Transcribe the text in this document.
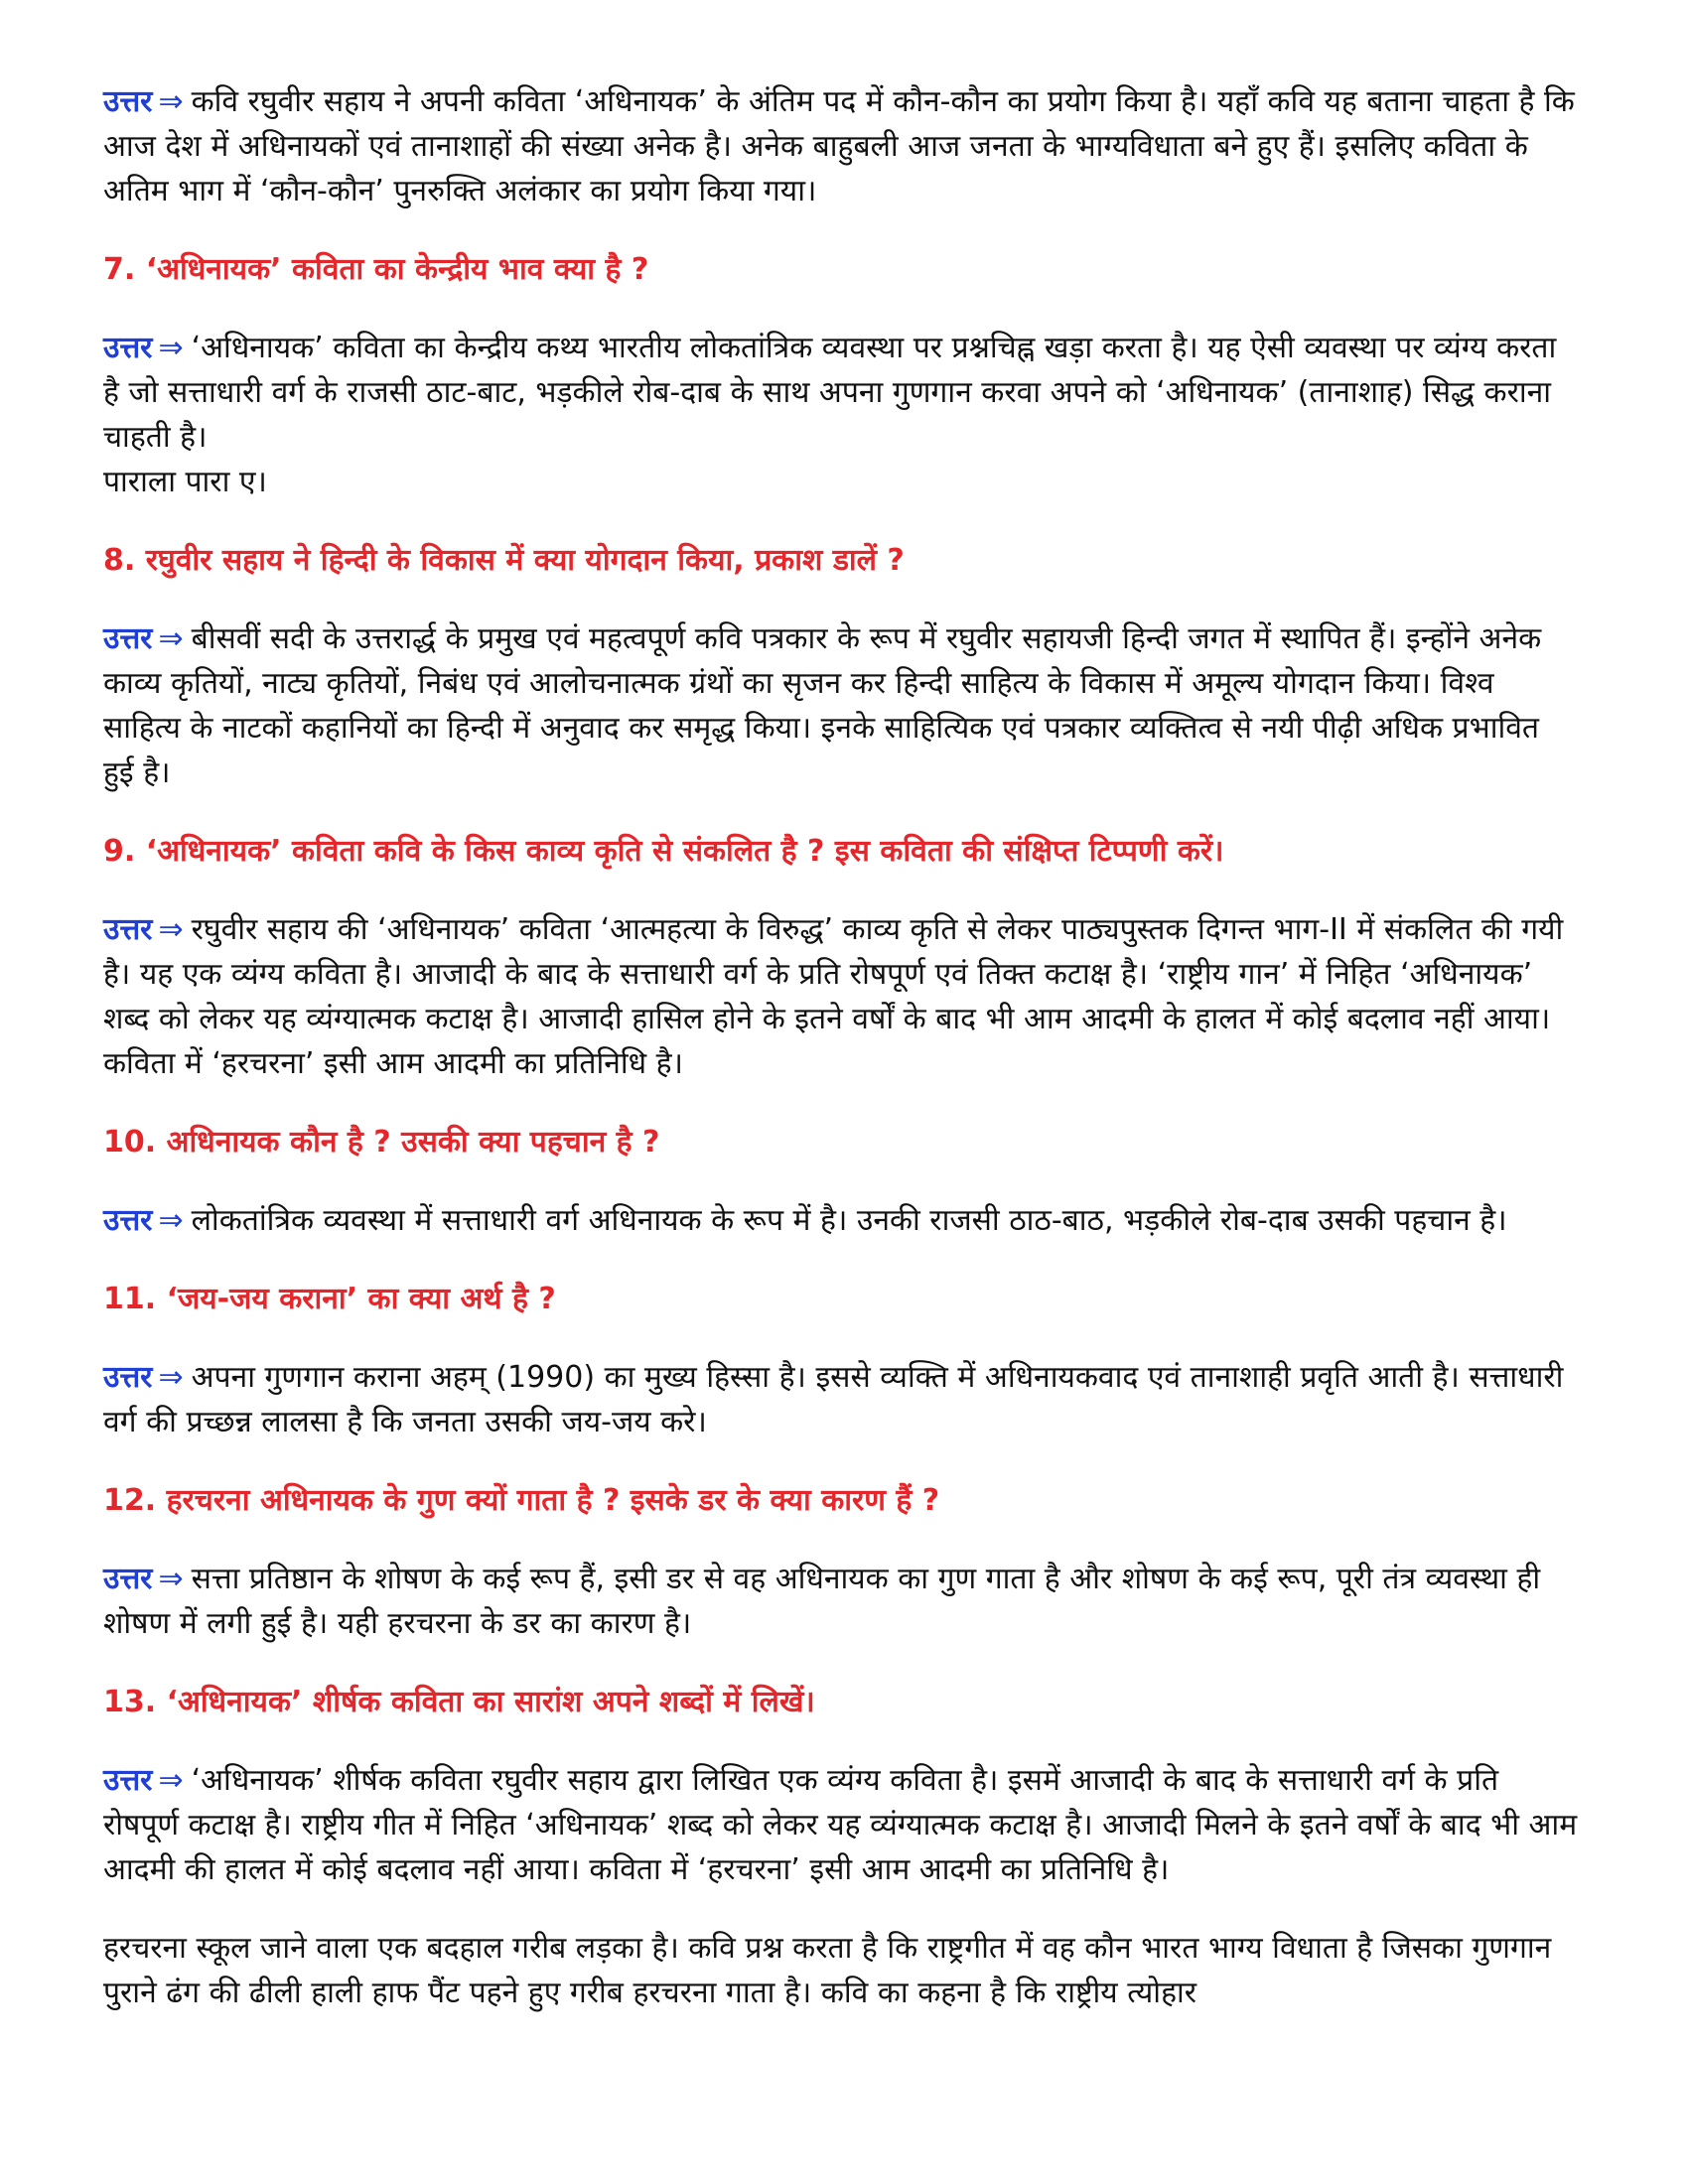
उत्तर ⇒ कवि रघुवीर सहाय ने अपनी कविता ‘अधिनायक’ के अंतिम पद में कौन-कौन का प्रयोग किया है। यहाँ कवि यह बताना चाहता है कि आज देश में अधिनायकों एवं तानाशाहों की संख्या अनेक है। अनेक बाहुबली आज जनता के भाग्यविधाता बने हुए हैं। इसलिए कविता के अतिम भाग में ‘कौन-कौन’ पुनरुक्ति अलंकार का प्रयोग किया गया।

7. ‘अधिनायक’ कविता का केन्द्रीय भाव क्या है ?

उत्तर ⇒ ‘अधिनायक’ कविता का केन्द्रीय कथ्य भारतीय लोकतांत्रिक व्यवस्था पर प्रश्नचिह्न खड़ा करता है। यह ऐसी व्यवस्था पर व्यंग्य करता है जो सत्ताधारी वर्ग के राजसी ठाट-बाट, भड़कीले रोब-दाब के साथ अपना गुणगान करवा अपने को ‘अधिनायक’ (तानाशाह) सिद्ध कराना चाहती है।
पाराला पारा ए।

8. रघुवीर सहाय ने हिन्दी के विकास में क्या योगदान किया, प्रकाश डालें ?

उत्तर ⇒ बीसवीं सदी के उत्तरार्द्ध के प्रमुख एवं महत्वपूर्ण कवि पत्रकार के रूप में रघुवीर सहायजी हिन्दी जगत में स्थापित हैं। इन्होंने अनेक काव्य कृतियों, नाट्य कृतियों, निबंध एवं आलोचनात्मक ग्रंथों का सृजन कर हिन्दी साहित्य के विकास में अमूल्य योगदान किया। विश्व साहित्य के नाटकों कहानियों का हिन्दी में अनुवाद कर समृद्ध किया। इनके साहित्यिक एवं पत्रकार व्यक्तित्व से नयी पीढ़ी अधिक प्रभावित हुई है।

9. ‘अधिनायक’ कविता कवि के किस काव्य कृति से संकलित है ? इस कविता की संक्षिप्त टिप्पणी करें।

उत्तर ⇒ रघुवीर सहाय की ‘अधिनायक’ कविता ‘आत्महत्या के विरुद्ध’ काव्य कृति से लेकर पाठ्यपुस्तक दिगन्त भाग-II में संकलित की गयी है। यह एक व्यंग्य कविता है। आजादी के बाद के सत्ताधारी वर्ग के प्रति रोषपूर्ण एवं तिक्त कटाक्ष है। ‘राष्ट्रीय गान’ में निहित ‘अधिनायक’ शब्द को लेकर यह व्यंग्यात्मक कटाक्ष है। आजादी हासिल होने के इतने वर्षों के बाद भी आम आदमी के हालत में कोई बदलाव नहीं आया। कविता में ‘हरचरना’ इसी आम आदमी का प्रतिनिधि है।

10. अधिनायक कौन है ? उसकी क्या पहचान है ?

उत्तर ⇒ लोकतांत्रिक व्यवस्था में सत्ताधारी वर्ग अधिनायक के रूप में है। उनकी राजसी ठाठ-बाठ, भड़कीले रोब-दाब उसकी पहचान है।

11. ‘जय-जय कराना’ का क्या अर्थ है ?

उत्तर ⇒ अपना गुणगान कराना अहम् (1990) का मुख्य हिस्सा है। इससे व्यक्ति में अधिनायकवाद एवं तानाशाही प्रवृति आती है। सत्ताधारी वर्ग की प्रच्छन्न लालसा है कि जनता उसकी जय-जय करे।

12. हरचरना अधिनायक के गुण क्यों गाता है ? इसके डर के क्या कारण हैं ?

उत्तर ⇒ सत्ता प्रतिष्ठान के शोषण के कई रूप हैं, इसी डर से वह अधिनायक का गुण गाता है और शोषण के कई रूप, पूरी तंत्र व्यवस्था ही शोषण में लगी हुई है। यही हरचरना के डर का कारण है।

13. ‘अधिनायक’ शीर्षक कविता का सारांश अपने शब्दों में लिखें।

उत्तर ⇒ ‘अधिनायक’ शीर्षक कविता रघुवीर सहाय द्वारा लिखित एक व्यंग्य कविता है। इसमें आजादी के बाद के सत्ताधारी वर्ग के प्रति रोषपूर्ण कटाक्ष है। राष्ट्रीय गीत में निहित ‘अधिनायक’ शब्द को लेकर यह व्यंग्यात्मक कटाक्ष है। आजादी मिलने के इतने वर्षों के बाद भी आम आदमी की हालत में कोई बदलाव नहीं आया। कविता में ‘हरचरना’ इसी आम आदमी का प्रतिनिधि है।

हरचरना स्कूल जाने वाला एक बदहाल गरीब लड़का है। कवि प्रश्न करता है कि राष्ट्रगीत में वह कौन भारत भाग्य विधाता है जिसका गुणगान पुराने ढंग की ढीली हाली हाफ पैंट पहने हुए गरीब हरचरना गाता है। कवि का कहना है कि राष्ट्रीय त्योहार
